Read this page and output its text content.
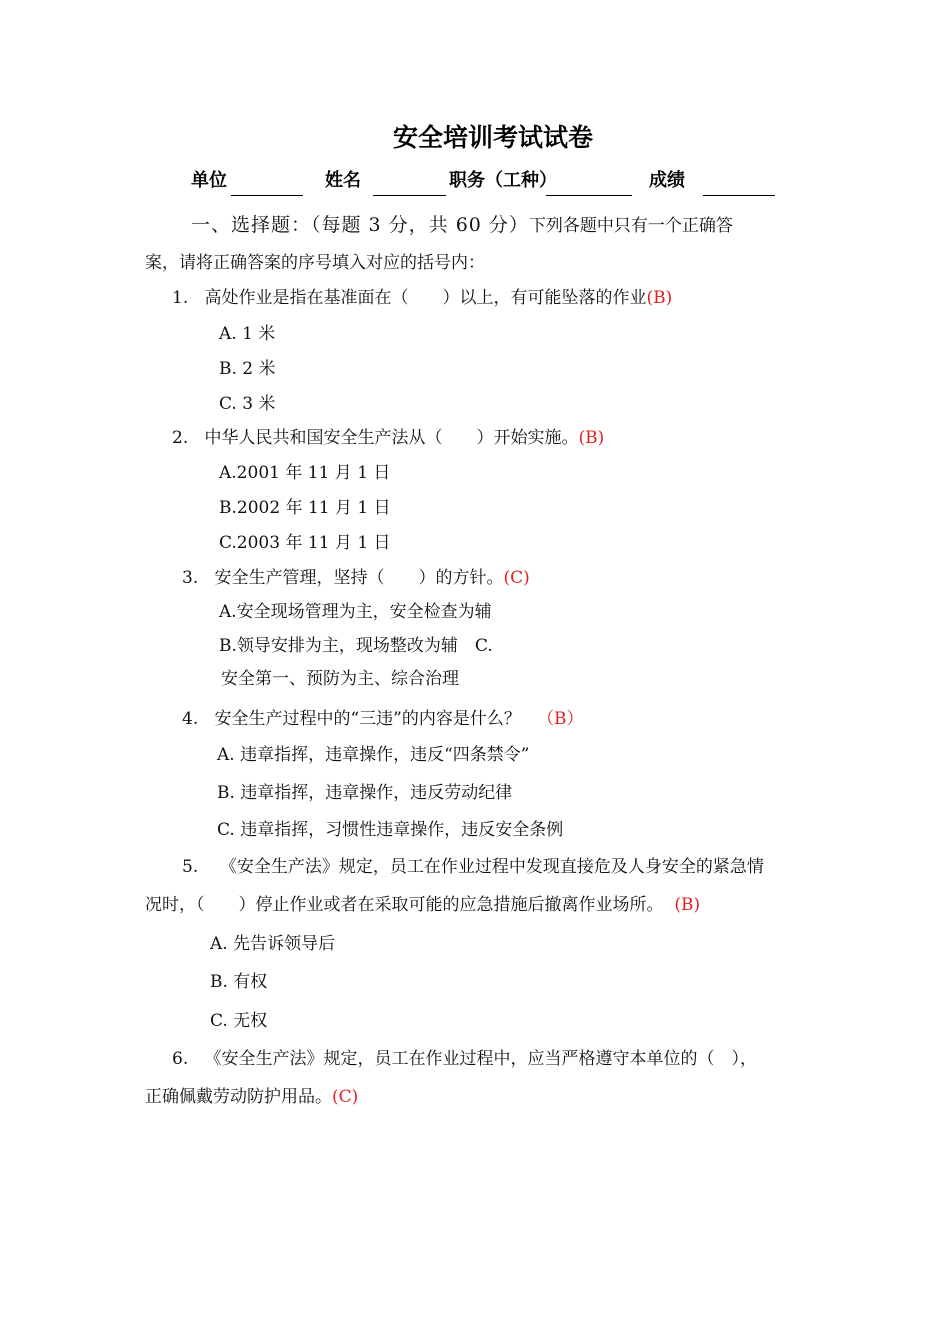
安全培训考试试卷
单位	姓名	职务（工种）	成绩
一、选择题：（每题 3 分，共 60 分）下列各题中只有一个正确答
案，请将正确答案的序号填入对应的括号内：
1. 高处作业是指在基准面在（　　）以上，有可能坠落的作业(B)
A. 1 米
B. 2 米
C. 3 米
2. 中华人民共和国安全生产法从（　　）开始实施。(B)
A.2001 年 11 月 1 日
B.2002 年 11 月 1 日
C.2003 年 11 月 1 日
3. 安全生产管理，坚持（　　）的方针。(C)
A.安全现场管理为主，安全检查为辅
B.领导安排为主，现场整改为辅　C.
安全第一、预防为主、综合治理
4. 安全生产过程中的“三违”的内容是什么？ （B）
A. 违章指挥，违章操作，违反“四条禁令”
B. 违章指挥，违章操作，违反劳动纪律
C. 违章指挥，习惯性违章操作，违反安全条例
5. 《安全生产法》规定，员工在作业过程中发现直接危及人身安全的紧急情
况时，（　　）停止作业或者在采取可能的应急措施后撤离作业场所。 (B)
A. 先告诉领导后
B. 有权
C. 无权
6. 《安全生产法》规定，员工在作业过程中，应当严格遵守本单位的（　），
正确佩戴劳动防护用品。(C)
